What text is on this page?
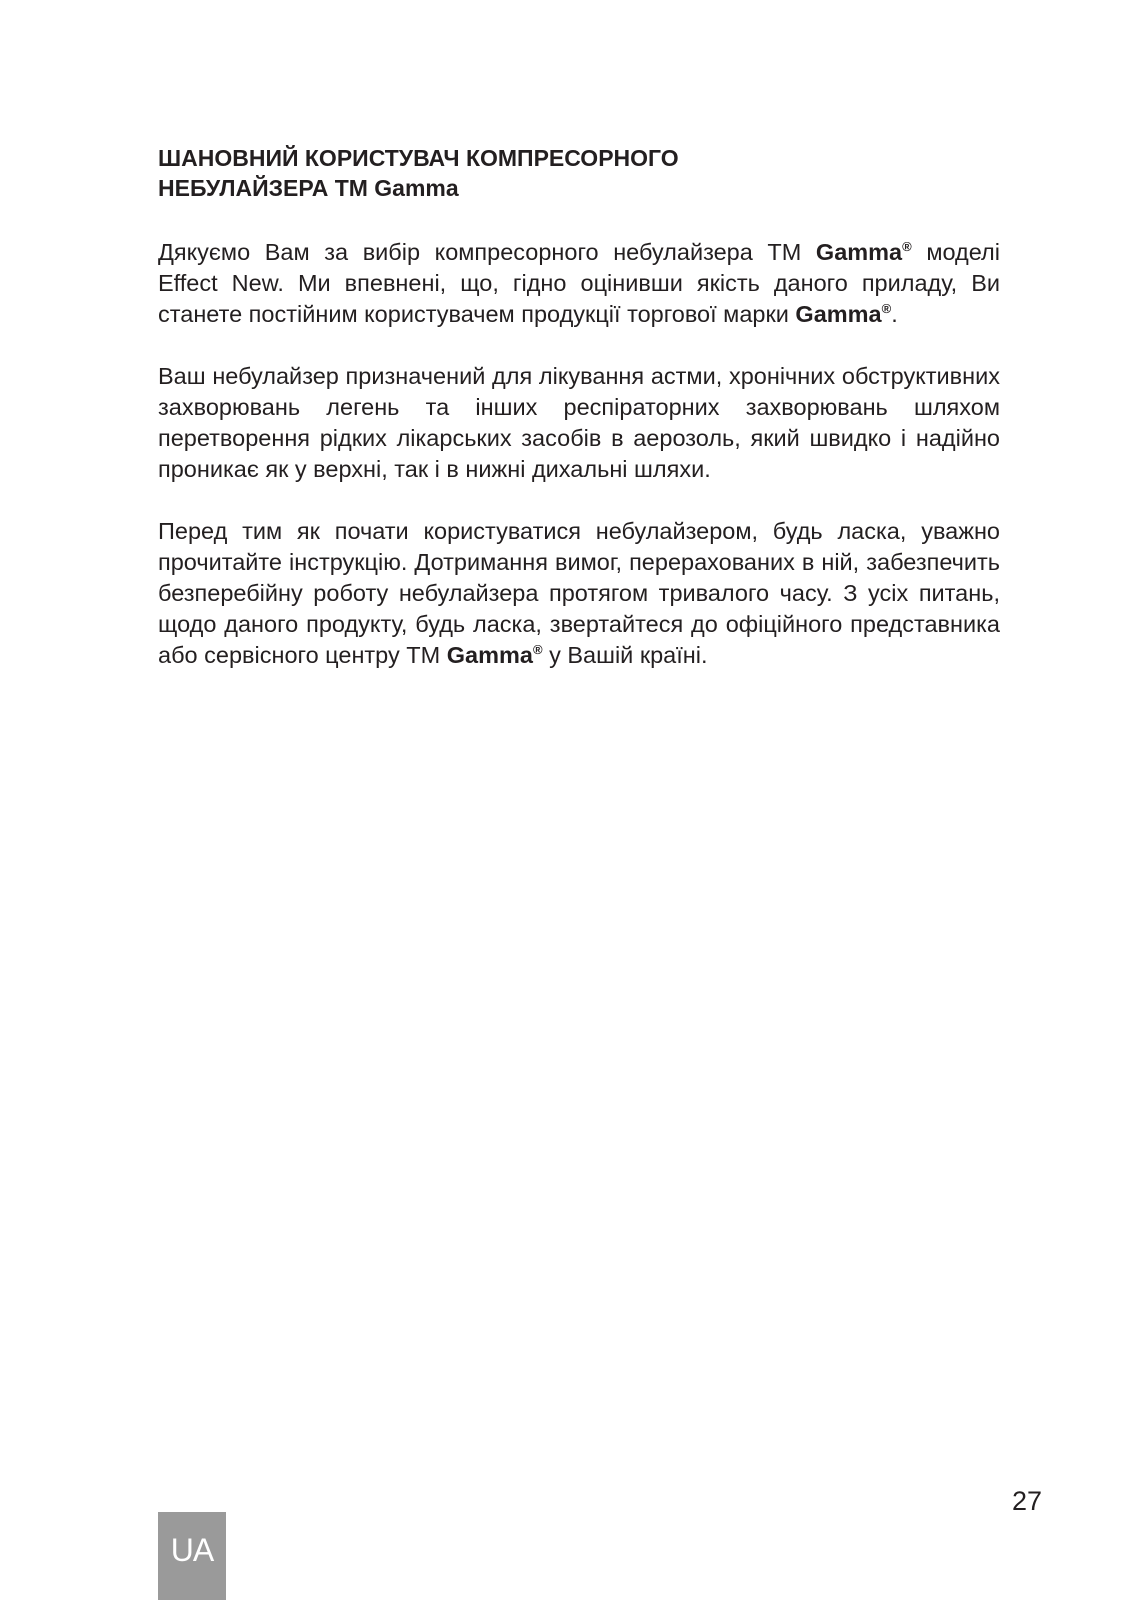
ШАНОВНИЙ КОРИСТУВАЧ КОМПРЕСОРНОГО
НЕБУЛАЙЗЕРА ТМ Gamma

Дякуємо Вам за вибір компресорного небулайзера ТМ Gamma® моделі Effect New. Ми впевнені, що, гідно оцінивши якість даного приладу, Ви станете постійним користувачем продукції торгової марки Gamma®.

Ваш небулайзер призначений для лікування астми, хронічних обструктивних захворювань легень та інших респіраторних захворювань шляхом перетворення рідких лікарських засобів в аерозоль, який швидко і надійно проникає як у верхні, так і в нижні дихальні шляхи.

Перед тим як почати користуватися небулайзером, будь ласка, уважно прочитайте інструкцію. Дотримання вимог, перерахованих в ній, забезпечить безперебійну роботу небулайзера протягом тривалого часу. З усіх питань, щодо даного продукту, будь ласка, звертайтеся до офіційного представника або сервісного центру ТМ Gamma® у Вашій країні.

27
UA
